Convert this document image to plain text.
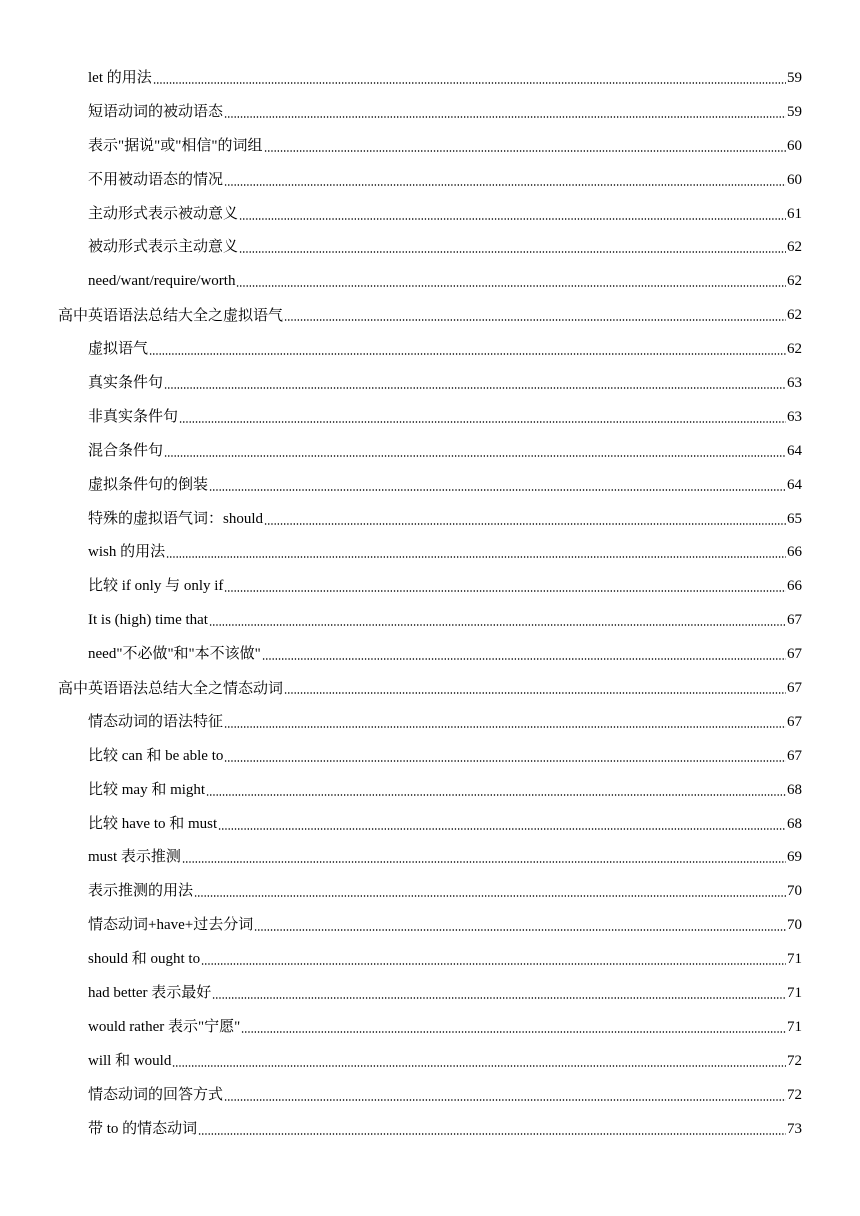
let 的用法	59
短语动词的被动语态	59
表示"据说"或"相信"的词组	60
不用被动语态的情况	60
主动形式表示被动意义	61
被动形式表示主动意义	62
need/want/require/worth	62
高中英语语法总结大全之虚拟语气	62
虚拟语气	62
真实条件句	63
非真实条件句	63
混合条件句	64
虚拟条件句的倒装	64
特殊的虚拟语气词：should	65
wish 的用法	66
比较 if only 与 only if	66
It is (high) time that	67
need"不必做"和"本不该做"	67
高中英语语法总结大全之情态动词	67
情态动词的语法特征	67
比较 can 和 be able to	67
比较 may 和 might	68
比较 have to 和 must	68
must 表示推测	69
表示推测的用法	70
情态动词+have+过去分词	70
should 和 ought to	71
had better 表示最好	71
would rather 表示"宁愿"	71
will 和 would	72
情态动词的回答方式	72
带 to 的情态动词	73
